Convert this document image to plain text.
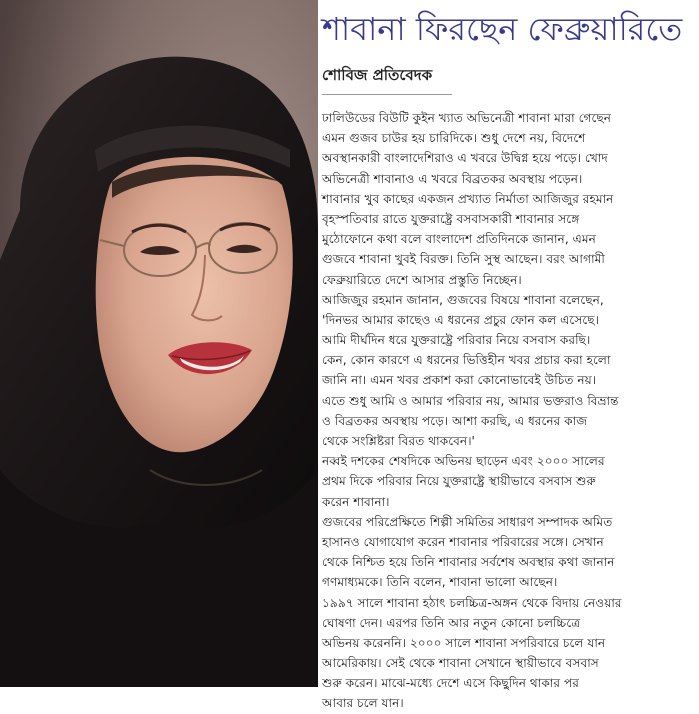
শাবানা ফিরছেন ফেব্রুয়ারিতে
শোবিজ প্রতিবেদক
ঢালিউডের বিউটি কুইন খ্যাত অভিনেত্রী শাবানা মারা গেছেন
এমন গুজব চাউর হয় চারিদিকে। শুধু দেশে নয়, বিদেশে
অবস্থানকারী বাংলাদেশিরাও এ খবরে উদ্বিগ্ন হয়ে পড়ে। খোদ
অভিনেত্রী শাবানাও এ খবরে বিব্রতকর অবস্থায় পড়েন।
শাবানার খুব কাছের একজন প্রখ্যাত নির্মাতা আজিজুর রহমান
বৃহস্পতিবার রাতে যুক্তরাষ্ট্রে বসবাসকারী শাবানার সঙ্গে
মুঠোফোনে কথা বলে বাংলাদেশ প্রতিদিনকে জানান, এমন
গুজবে শাবানা খুবই বিরক্ত। তিনি সুস্থ আছেন। বরং আগামী
ফেব্রুয়ারিতে দেশে আসার প্রস্তুতি নিচ্ছেন।
আজিজুর রহমান জানান, গুজবের বিষয়ে শাবানা বলেছেন,
'দিনভর আমার কাছেও এ ধরনের প্রচুর ফোন কল এসেছে।
আমি দীর্ঘদিন ধরে যুক্তরাষ্ট্রে পরিবার নিয়ে বসবাস করছি।
কেন, কোন কারণে এ ধরনের ভিত্তিহীন খবর প্রচার করা হলো
জানি না। এমন খবর প্রকাশ করা কোনোভাবেই উচিত নয়।
এতে শুধু আমি ও আমার পরিবার নয়, আমার ভক্তরাও বিভ্রান্ত
ও বিব্রতকর অবস্থায় পড়ে। আশা করছি, এ ধরনের কাজ
থেকে সংশ্লিষ্টরা বিরত থাকবেন।'
নব্বই দশকের শেষদিকে অভিনয় ছাড়েন এবং ২০০০ সালের
প্রথম দিকে পরিবার নিয়ে যুক্তরাষ্ট্রে স্থায়ীভাবে বসবাস শুরু
করেন শাবানা।
গুজবের পরিপ্রেক্ষিতে শিল্পী সমিতির সাধারণ সম্পাদক অমিত
হাসানও যোগাযোগ করেন শাবানার পরিবারের সঙ্গে। সেখান
থেকে নিশ্চিত হয়ে তিনি শাবানার সর্বশেষ অবস্থার কথা জানান
গণমাধ্যমকে। তিনি বলেন, শাবানা ভালো আছেন।
১৯৯৭ সালে শাবানা হঠাৎ চলচ্চিত্র-অঙ্গন থেকে বিদায় নেওয়ার
ঘোষণা দেন। এরপর তিনি আর নতুন কোনো চলচ্চিত্রে
অভিনয় করেননি। ২০০০ সালে শাবানা সপরিবারে চলে যান
আমেরিকায়। সেই থেকে শাবানা সেখানে স্থায়ীভাবে বসবাস
শুরু করেন। মাঝে-মধ্যে দেশে এসে কিছুদিন থাকার পর
আবার চলে যান।
